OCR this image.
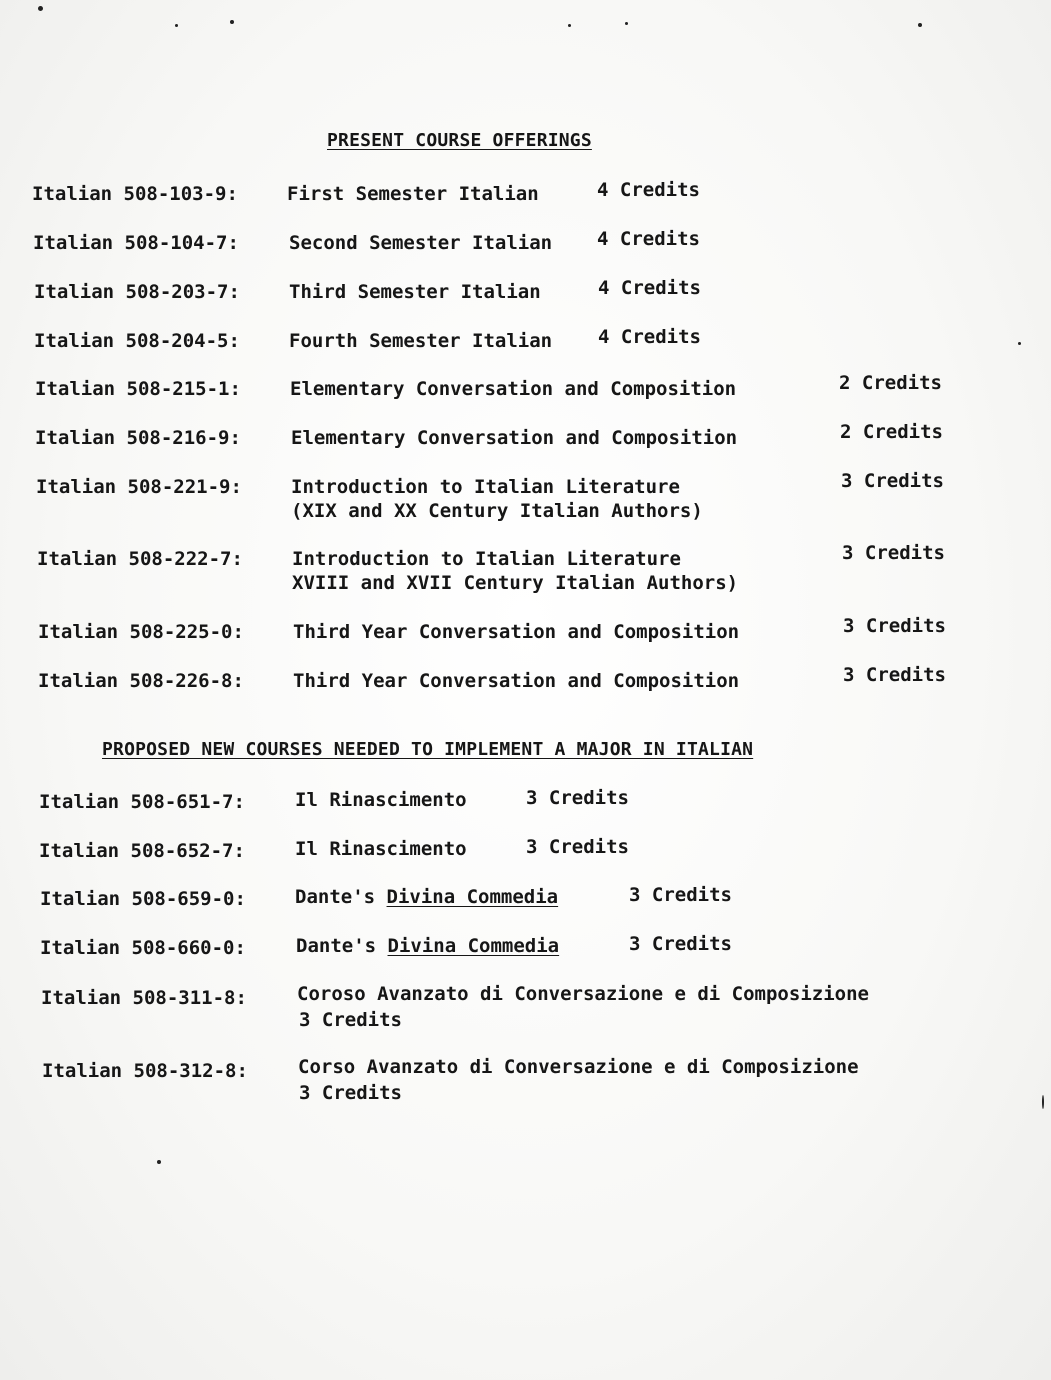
PRESENT COURSE OFFERINGS
Italian 508-103-9:	First Semester Italian	4 Credits
Italian 508-104-7:	Second Semester Italian 4 Credits
Italian 508-203-7:	Third Semester Italian	4 Credits
Italian 508-204-5:	Fourth Semester Italian 4 Credits
Italian 508-215-1:	Elementary Conversation and Composition	2 Credits
Italian 508-216-9:	Elementary Conversation and Composition	2 Credits
Italian 508-221-9:	Introduction to Italian Literature
(XIX and XX Century Italian Authors)
3 Credits
Italian 508-222-7:	Introduction to Italian Literature
XVIII and XVII Century Italian Authors)
3 Credits
Italian 508-225-0:	Third Year Conversation and Composition	3 Credits
Italian 508-226-8:	Third Year Conversation and Composition	3 Credits
PROPOSED NEW COURSES NEEDED TO IMPLEMENT A MAJOR IN ITALIAN
Italian 508-651-7:	Il Rinascimento	3 Credits
Italian 508-652-7:	Il Rinascimento	3 Credits
Italian 508-659-0:	Dante's Divina Commedia	3 Credits
Italian 508-660-0:	Dante's Divina Commedia	3 Credits
Italian 508-311-8:	Coroso Avanzato di Conversazione e di Composizione
3 Credits
Italian 508-312-8:	Corso Avanzato di Conversazione e di Composizione
3 Credits
